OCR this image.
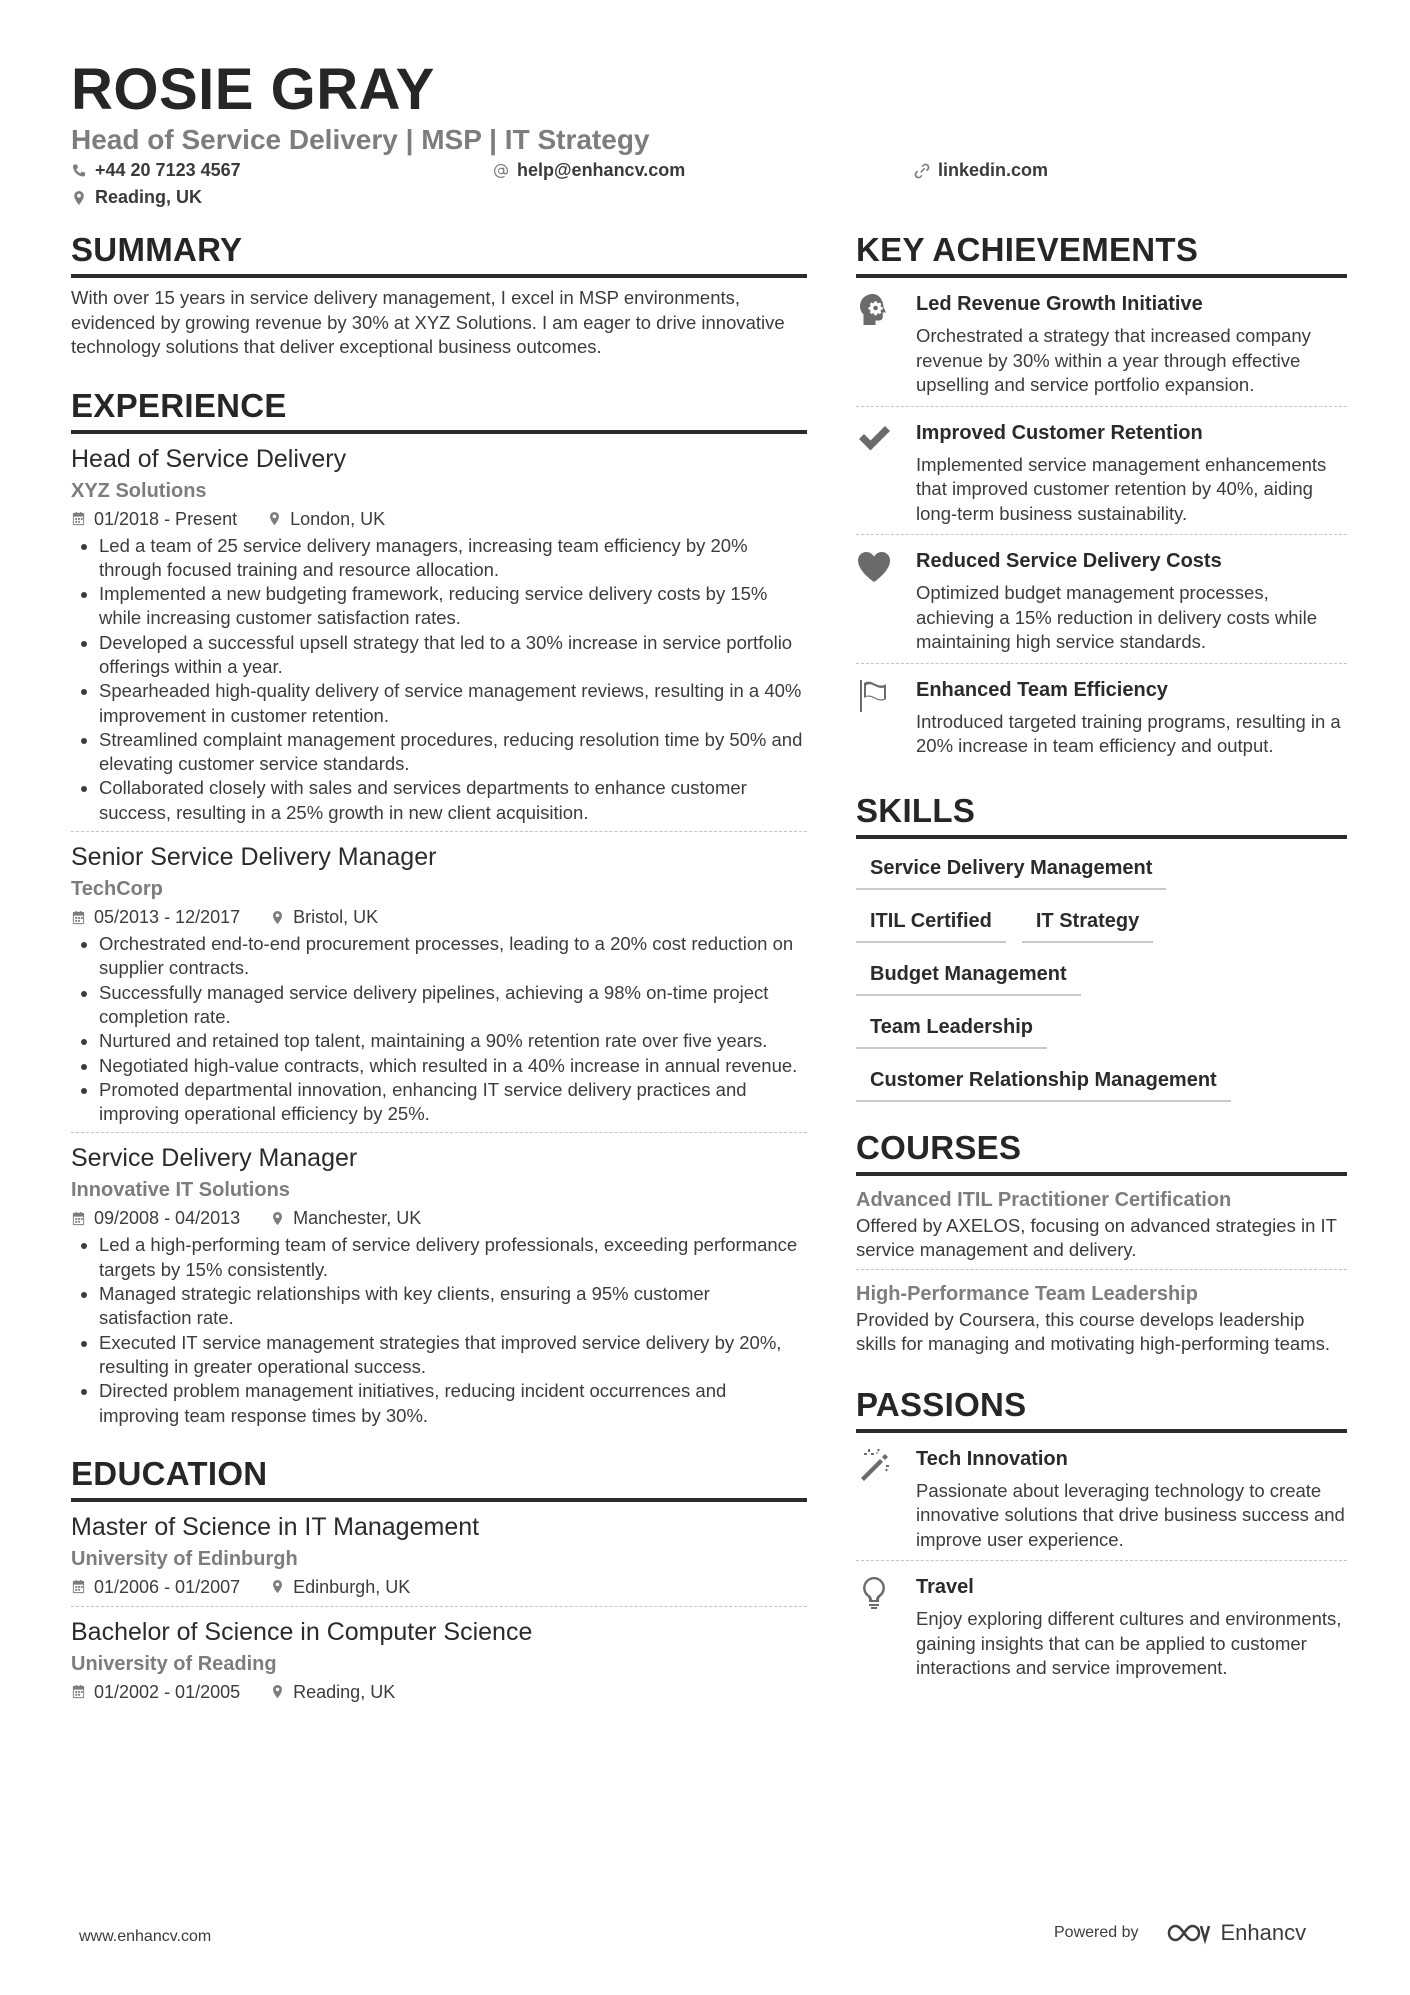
ROSIE GRAY
Head of Service Delivery | MSP | IT Strategy
+44 20 7123 4567	help@enhancv.com	linkedin.com
Reading, UK
SUMMARY
With over 15 years in service delivery management, I excel in MSP environments, evidenced by growing revenue by 30% at XYZ Solutions. I am eager to drive innovative technology solutions that deliver exceptional business outcomes.
EXPERIENCE
Head of Service Delivery
XYZ Solutions
01/2018 - Present	London, UK
• Led a team of 25 service delivery managers, increasing team efficiency by 20% through focused training and resource allocation.
• Implemented a new budgeting framework, reducing service delivery costs by 15% while increasing customer satisfaction rates.
• Developed a successful upsell strategy that led to a 30% increase in service portfolio offerings within a year.
• Spearheaded high-quality delivery of service management reviews, resulting in a 40% improvement in customer retention.
• Streamlined complaint management procedures, reducing resolution time by 50% and elevating customer service standards.
• Collaborated closely with sales and services departments to enhance customer success, resulting in a 25% growth in new client acquisition.
Senior Service Delivery Manager
TechCorp
05/2013 - 12/2017	Bristol, UK
• Orchestrated end-to-end procurement processes, leading to a 20% cost reduction on supplier contracts.
• Successfully managed service delivery pipelines, achieving a 98% on-time project completion rate.
• Nurtured and retained top talent, maintaining a 90% retention rate over five years.
• Negotiated high-value contracts, which resulted in a 40% increase in annual revenue.
• Promoted departmental innovation, enhancing IT service delivery practices and improving operational efficiency by 25%.
Service Delivery Manager
Innovative IT Solutions
09/2008 - 04/2013	Manchester, UK
• Led a high-performing team of service delivery professionals, exceeding performance targets by 15% consistently.
• Managed strategic relationships with key clients, ensuring a 95% customer satisfaction rate.
• Executed IT service management strategies that improved service delivery by 20%, resulting in greater operational success.
• Directed problem management initiatives, reducing incident occurrences and improving team response times by 30%.
EDUCATION
Master of Science in IT Management
University of Edinburgh
01/2006 - 01/2007	Edinburgh, UK
Bachelor of Science in Computer Science
University of Reading
01/2002 - 01/2005	Reading, UK
KEY ACHIEVEMENTS
Led Revenue Growth Initiative
Orchestrated a strategy that increased company revenue by 30% within a year through effective upselling and service portfolio expansion.
Improved Customer Retention
Implemented service management enhancements that improved customer retention by 40%, aiding long-term business sustainability.
Reduced Service Delivery Costs
Optimized budget management processes, achieving a 15% reduction in delivery costs while maintaining high service standards.
Enhanced Team Efficiency
Introduced targeted training programs, resulting in a 20% increase in team efficiency and output.
SKILLS
Service Delivery Management
ITIL Certified	IT Strategy
Budget Management
Team Leadership
Customer Relationship Management
COURSES
Advanced ITIL Practitioner Certification
Offered by AXELOS, focusing on advanced strategies in IT service management and delivery.
High-Performance Team Leadership
Provided by Coursera, this course develops leadership skills for managing and motivating high-performing teams.
PASSIONS
Tech Innovation
Passionate about leveraging technology to create innovative solutions that drive business success and improve user experience.
Travel
Enjoy exploring different cultures and environments, gaining insights that can be applied to customer interactions and service improvement.
www.enhancv.com	Powered by	Enhancv
